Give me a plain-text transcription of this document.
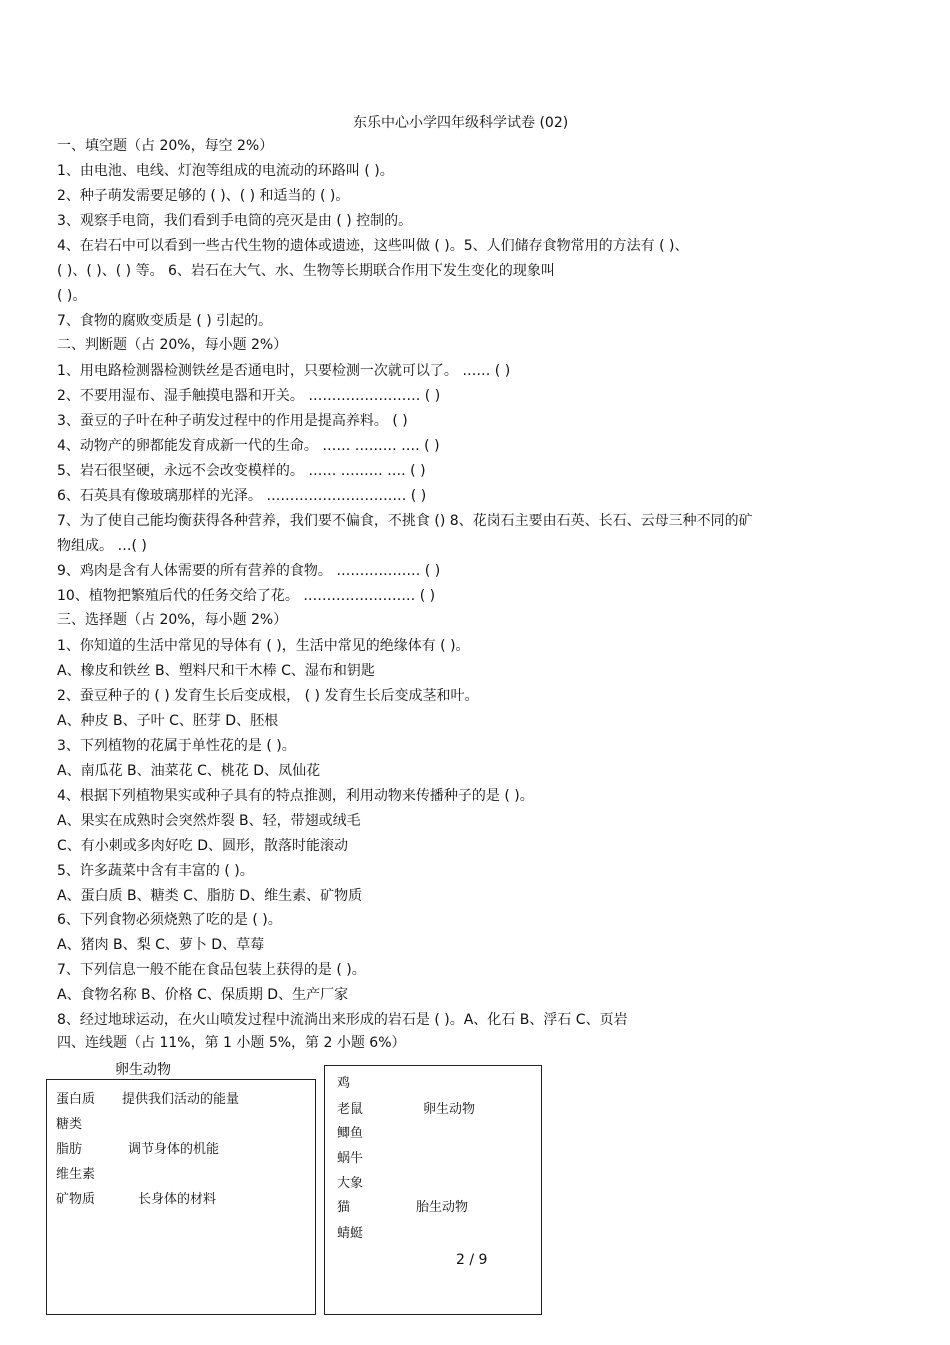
东乐中心小学四年级科学试卷 (02)
一、填空题（占 20%，每空 2%）
1、由电池、电线、灯泡等组成的电流动的环路叫 ( )。
2、种子萌发需要足够的 ( )、( ) 和适当的 ( )。
3、观察手电筒，我们看到手电筒的亮灭是由 ( ) 控制的。
4、在岩石中可以看到一些古代生物的遗体或遗迹，这些叫做 ( )。5、人们储存食物常用的方法有 ( )、
( )、( )、( ) 等。 6、岩石在大气、水、生物等长期联合作用下发生变化的现象叫
( )。
7、食物的腐败变质是 ( ) 引起的。
二、判断题（占 20%，每小题 2%）
1、用电路检测器检测铁丝是否通电时，只要检测一次就可以了。 …… ( )
2、不要用湿布、湿手触摸电器和开关。 …………………… ( )
3、蚕豆的子叶在种子萌发过程中的作用是提高养料。 ( )
4、动物产的卵都能发育成新一代的生命。 …… ……… .… ( )
5、岩石很坚硬，永远不会改变模样的。 …… ……… .… ( )
6、石英具有像玻璃那样的光泽。 ………………………… ( )
7、为了使自己能均衡获得各种营养，我们要不偏食，不挑食 () 8、花岗石主要由石英、长石、云母三种不同的矿
物组成。 …( )
9、鸡肉是含有人体需要的所有营养的食物。 ……………… ( )
10、植物把繁殖后代的任务交给了花。 …………………… ( )
三、选择题（占 20%，每小题 2%）
1、你知道的生活中常见的导体有 ( )，生活中常见的绝缘体有 ( )。
A、橡皮和铁丝 B、塑料尺和干木棒 C、湿布和钥匙
2、蚕豆种子的 ( ) 发育生长后变成根， ( ) 发育生长后变成茎和叶。
A、种皮 B、子叶 C、胚芽 D、胚根
3、下列植物的花属于单性花的是 ( )。
A、南瓜花 B、油菜花 C、桃花 D、凤仙花
4、根据下列植物果实或种子具有的特点推测，利用动物来传播种子的是 ( )。
A、果实在成熟时会突然炸裂 B、轻，带翅或绒毛
C、有小刺或多肉好吃 D、圆形，散落时能滚动
5、许多蔬菜中含有丰富的 ( )。
A、蛋白质 B、糖类 C、脂肪 D、维生素、矿物质
6、下列食物必须烧熟了吃的是 ( )。
A、猪肉 B、梨 C、萝卜 D、草莓
7、下列信息一般不能在食品包装上获得的是 ( )。
A、食物名称 B、价格 C、保质期 D、生产厂家
8、经过地球运动，在火山喷发过程中流淌出来形成的岩石是 ( )。A、化石 B、浮石 C、页岩
四、连线题（占 11%，第 1 小题 5%，第 2 小题 6%）
卵生动物
蛋白质 提供我们活动的能量
糖类
脂肪	调节身体的机能
维生素
矿物质	长身体的材料
鸡
老鼠	卵生动物
鲫鱼
蜗牛
大象
猫	胎生动物
蜻蜓
2 / 9
